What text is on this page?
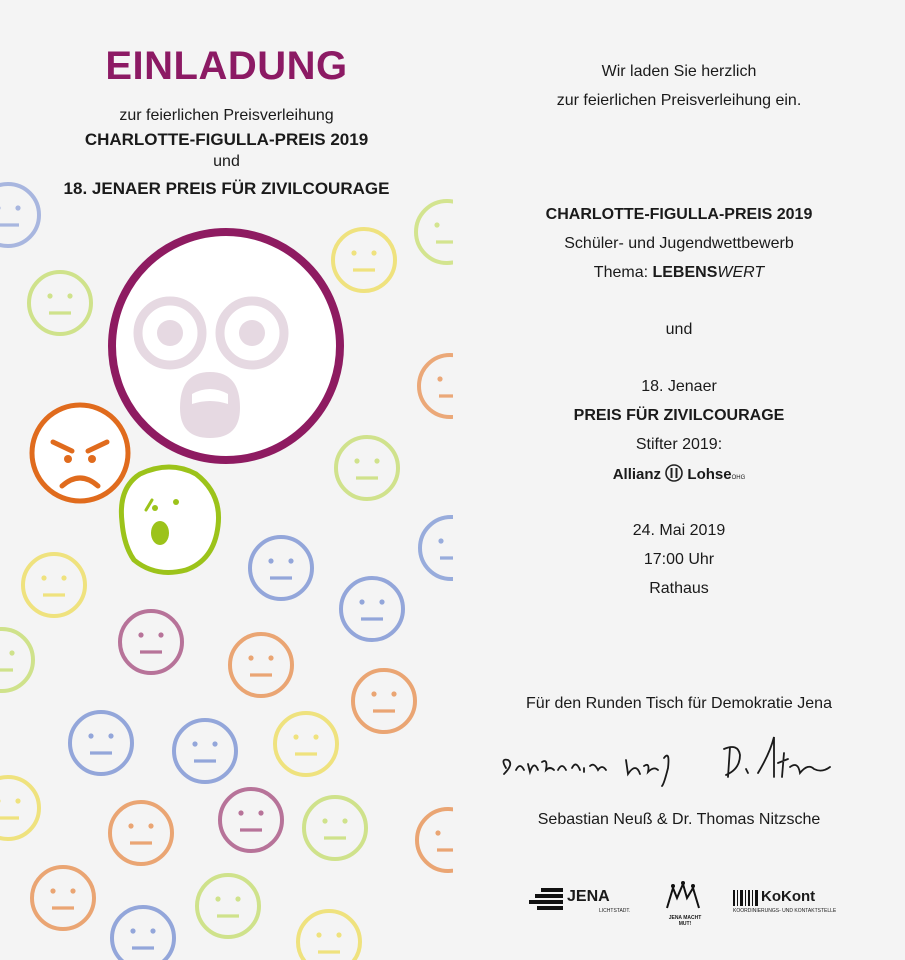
EINLADUNG

zur feierlichen Preisverleihung

CHARLOTTE-FIGULLA-PREIS 2019

und

18. JENAER PREIS FÜR ZIVILCOURAGE

Wir laden Sie herzlich

zur feierlichen Preisverleihung ein.

CHARLOTTE-FIGULLA-PREIS 2019

Schüler- und Jugendwettbewerb

Thema: LEBENSWERT

und

18. Jenaer

PREIS FÜR ZIVILCOURAGE

Stifter 2019:

Allianz LohseOHG

24. Mai 2019

17:00 Uhr

Rathaus

Für den Runden Tisch für Demokratie Jena

Sebastian Neuß & Dr. Thomas Nitzsche

JENA
LICHTSTADT.
JENA MACHT MUT!
KoKont
KOORDINIERUNGS- UND KONTAKTSTELLE
